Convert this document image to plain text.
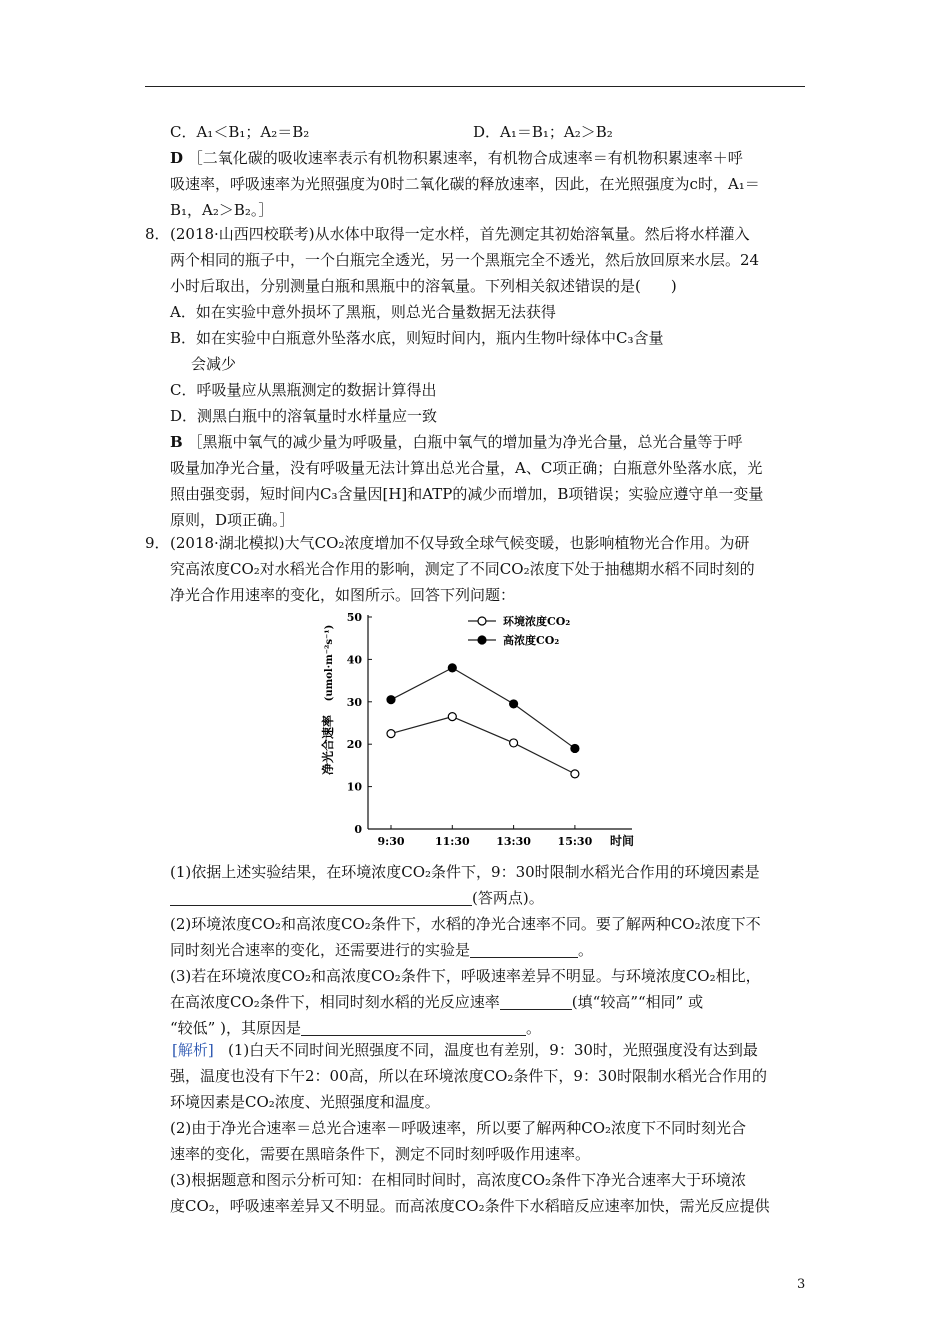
C．A₁＜B₁；A₂＝B₂	D．A₁＝B₁；A₂＞B₂
D ［二氧化碳的吸收速率表示有机物积累速率，有机物合成速率＝有机物积累速率＋呼
吸速率，呼吸速率为光照强度为0时二氧化碳的释放速率，因此，在光照强度为c时，A₁＝
B₁，A₂＞B₂。］
8． (2018·山西四校联考)从水体中取得一定水样，首先测定其初始溶氧量。然后将水样灌入
两个相同的瓶子中，一个白瓶完全透光，另一个黑瓶完全不透光，然后放回原来水层。24
小时后取出，分别测量白瓶和黑瓶中的溶氧量。下列相关叙述错误的是(　　)
A．如在实验中意外损坏了黑瓶，则总光合量数据无法获得
B．如在实验中白瓶意外坠落水底，则短时间内，瓶内生物叶绿体中C₃含量
会减少
C．呼吸量应从黑瓶测定的数据计算得出
D．测黑白瓶中的溶氧量时水样量应一致
B ［黑瓶中氧气的减少量为呼吸量，白瓶中氧气的增加量为净光合量，总光合量等于呼
吸量加净光合量，没有呼吸量无法计算出总光合量，A、C项正确；白瓶意外坠落水底，光
照由强变弱，短时间内C₃含量因[H]和ATP的减少而增加，B项错误；实验应遵守单一变量
原则，D项正确。］
9． (2018·湖北模拟)大气CO₂浓度增加不仅导致全球气候变暖，也影响植物光合作用。为研
究高浓度CO₂对水稻光合作用的影响，测定了不同CO₂浓度下处于抽穗期水稻不同时刻的
净光合作用速率的变化，如图所示。回答下列问题：
0
10
20
30
40
50
9:30	11:30 13:30 15:30 时间
净光合速率
(umol·m⁻²s⁻¹)
环境浓度CO₂
高浓度CO₂
(1)依据上述实验结果，在环境浓度CO₂条件下，9：30时限制水稻光合作用的环境因素是
(答两点)。
(2)环境浓度CO₂和高浓度CO₂条件下，水稻的净光合速率不同。要了解两种CO₂浓度下不
同时刻光合速率的变化，还需要进行的实验是	。
(3)若在环境浓度CO₂和高浓度CO₂条件下，呼吸速率差异不明显。与环境浓度CO₂相比，
在高浓度CO₂条件下，相同时刻水稻的光反应速率	(填“较高”“相同” 或
“较低” )，其原因是	。
[解析] (1)白天不同时间光照强度不同，温度也有差别，9：30时，光照强度没有达到最
强，温度也没有下午2：00高，所以在环境浓度CO₂条件下，9：30时限制水稻光合作用的
环境因素是CO₂浓度、光照强度和温度。
(2)由于净光合速率＝总光合速率－呼吸速率，所以要了解两种CO₂浓度下不同时刻光合
速率的变化，需要在黑暗条件下，测定不同时刻呼吸作用速率。
(3)根据题意和图示分析可知：在相同时间时，高浓度CO₂条件下净光合速率大于环境浓
度CO₂，呼吸速率差异又不明显。而高浓度CO₂条件下水稻暗反应速率加快，需光反应提供
3
